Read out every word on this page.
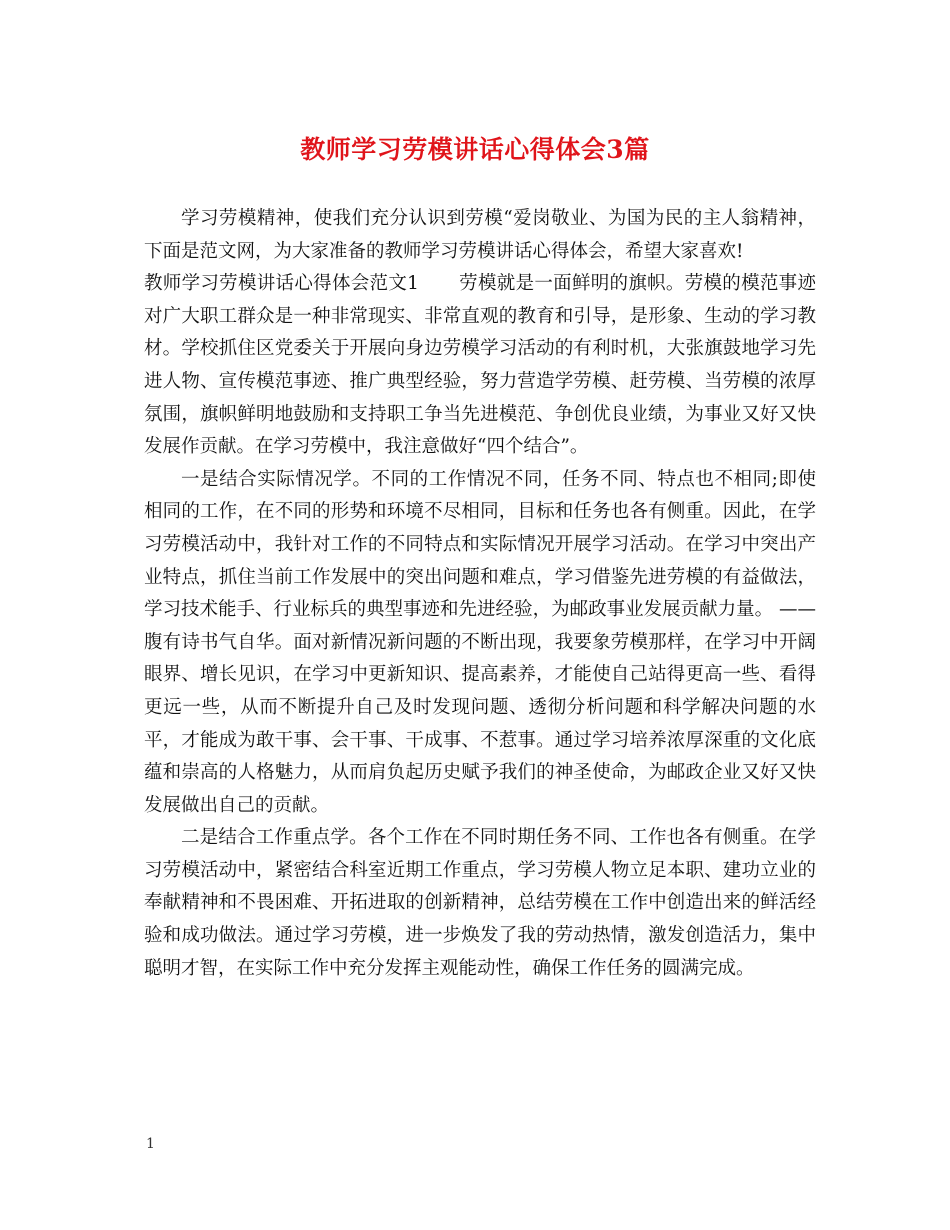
教师学习劳模讲话心得体会3篇

学习劳模精神，使我们充分认识到劳模“爱岗敬业、为国为民的主人翁精神，下面是范文网，为大家准备的教师学习劳模讲话心得体会，希望大家喜欢!

教师学习劳模讲话心得体会范文1 劳模就是一面鲜明的旗帜。劳模的模范事迹对广大职工群众是一种非常现实、非常直观的教育和引导，是形象、生动的学习教材。学校抓住区党委关于开展向身边劳模学习活动的有利时机，大张旗鼓地学习先进人物、宣传模范事迹、推广典型经验，努力营造学劳模、赶劳模、当劳模的浓厚氛围，旗帜鲜明地鼓励和支持职工争当先进模范、争创优良业绩，为事业又好又快发展作贡献。在学习劳模中，我注意做好“四个结合”。

一是结合实际情况学。不同的工作情况不同，任务不同、特点也不相同;即使相同的工作，在不同的形势和环境不尽相同，目标和任务也各有侧重。因此，在学习劳模活动中，我针对工作的不同特点和实际情况开展学习活动。在学习中突出产业特点，抓住当前工作发展中的突出问题和难点，学习借鉴先进劳模的有益做法，学习技术能手、行业标兵的典型事迹和先进经验，为邮政事业发展贡献力量。 ——腹有诗书气自华。面对新情况新问题的不断出现，我要象劳模那样，在学习中开阔眼界、增长见识，在学习中更新知识、提高素养，才能使自己站得更高一些、看得更远一些，从而不断提升自己及时发现问题、透彻分析问题和科学解决问题的水平，才能成为敢干事、会干事、干成事、不惹事。通过学习培养浓厚深重的文化底蕴和崇高的人格魅力，从而肩负起历史赋予我们的神圣使命，为邮政企业又好又快发展做出自己的贡献。

二是结合工作重点学。各个工作在不同时期任务不同、工作也各有侧重。在学习劳模活动中，紧密结合科室近期工作重点，学习劳模人物立足本职、建功立业的奉献精神和不畏困难、开拓进取的创新精神，总结劳模在工作中创造出来的鲜活经验和成功做法。通过学习劳模，进一步焕发了我的劳动热情，激发创造活力，集中聪明才智，在实际工作中充分发挥主观能动性，确保工作任务的圆满完成。

1
